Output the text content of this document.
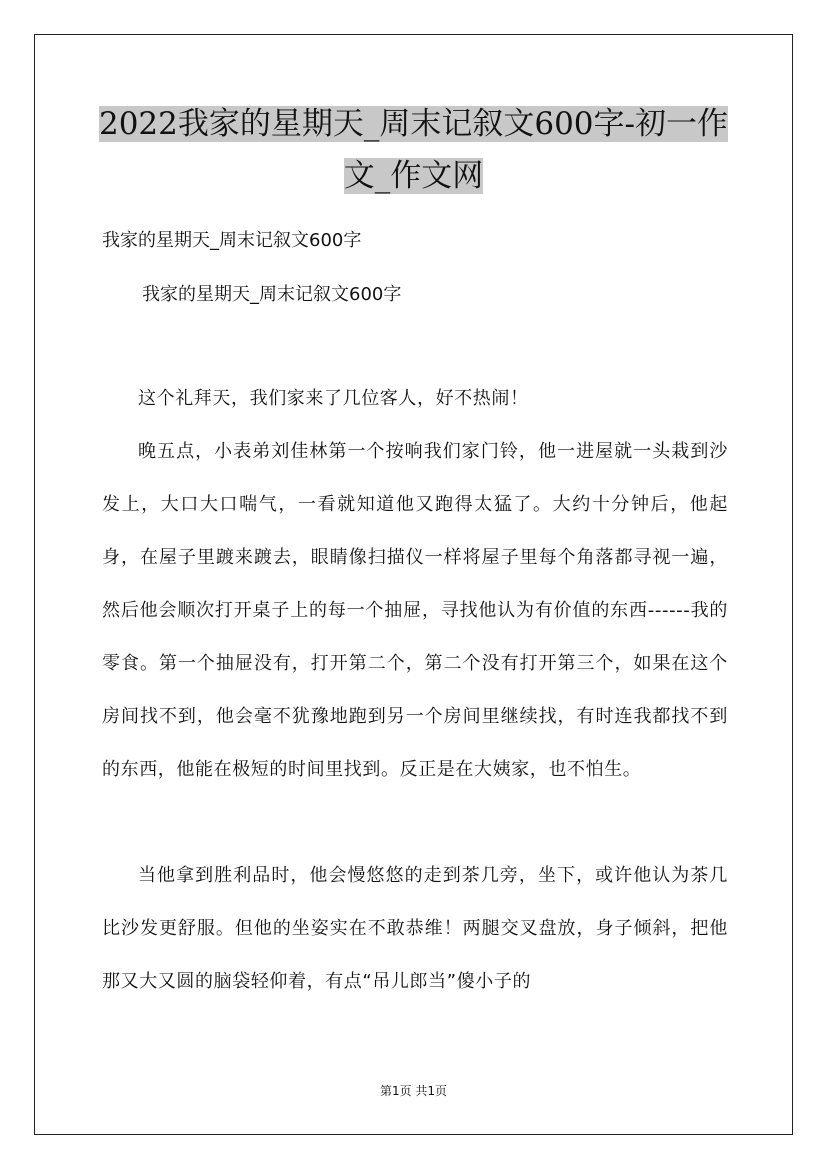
2022我家的星期天_周末记叙文600字-初一作
文_作文网
我家的星期天_周末记叙文600字
我家的星期天_周末记叙文600字
这个礼拜天，我们家来了几位客人，好不热闹！
晚五点，小表弟刘佳林第一个按响我们家门铃，他一进屋就一头栽到沙发上，大口大口喘气，一看就知道他又跑得太猛了。大约十分钟后，他起身，在屋子里踱来踱去，眼睛像扫描仪一样将屋子里每个角落都寻视一遍，然后他会顺次打开桌子上的每一个抽屉，寻找他认为有价值的东西------我的零食。第一个抽屉没有，打开第二个，第二个没有打开第三个，如果在这个房间找不到，他会毫不犹豫地跑到另一个房间里继续找，有时连我都找不到的东西，他能在极短的时间里找到。反正是在大姨家，也不怕生。
当他拿到胜利品时，他会慢悠悠的走到茶几旁，坐下，或许他认为茶几比沙发更舒服。但他的坐姿实在不敢恭维！两腿交叉盘放，身子倾斜，把他那又大又圆的脑袋轻仰着，有点“吊儿郎当”傻小子的
第1页 共1页
